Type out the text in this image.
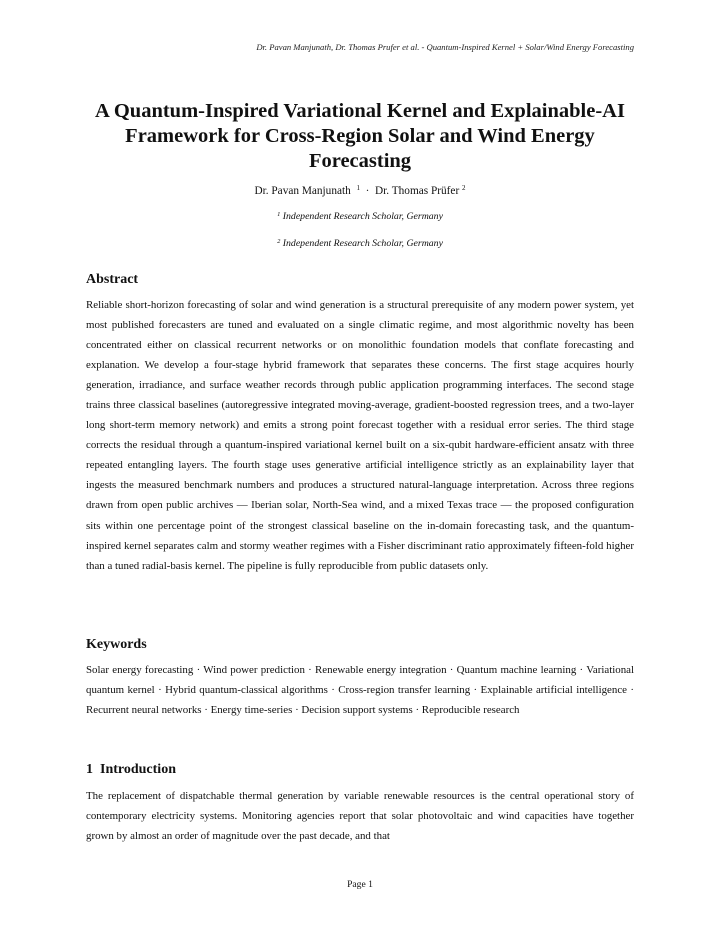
Dr. Pavan Manjunath, Dr. Thomas Prufer et al. - Quantum-Inspired Kernel + Solar/Wind Energy Forecasting
A Quantum-Inspired Variational Kernel and Explainable-AI
Framework for Cross-Region Solar and Wind Energy
Forecasting
Dr. Pavan Manjunath $^1$ · Dr. Thomas Prüfer $^2$
$^1$ Independent Research Scholar, Germany
$^2$ Independent Research Scholar, Germany
Abstract

Reliable short-horizon forecasting of solar and wind generation is a structural prerequisite of any modern power system, yet most published forecasters are tuned and evaluated on a single climatic regime, and most algorithmic novelty has been concentrated either on classical recurrent networks or on monolithic foundation models that conflate forecasting and explanation. We develop a four-stage hybrid framework that separates these concerns. The first stage acquires hourly generation, irradiance, and surface weather records through public application programming interfaces. The second stage trains three classical baselines (autoregressive integrated moving-average, gradient-boosted regression trees, and a two-layer long short-term memory network) and emits a strong point forecast together with a residual error series. The third stage corrects the residual through a quantum-inspired variational kernel built on a six-qubit hardware-efficient ansatz with three repeated entangling layers. The fourth stage uses generative artificial intelligence strictly as an explainability layer that ingests the measured benchmark numbers and produces a structured natural-language interpretation. Across three regions drawn from open public archives — Iberian solar, North-Sea wind, and a mixed Texas trace — the proposed configuration sits within one percentage point of the strongest classical baseline on the in-domain forecasting task, and the quantum-inspired kernel separates calm and stormy weather regimes with a Fisher discriminant ratio approximately fifteen-fold higher than a tuned radial-basis kernel. The pipeline is fully reproducible from public datasets only.

Keywords

Solar energy forecasting · Wind power prediction · Renewable energy integration · Quantum machine learning · Variational quantum kernel · Hybrid quantum-classical algorithms · Cross-region transfer learning · Explainable artificial intelligence · Recurrent neural networks · Energy time-series · Decision support systems · Reproducible research

1  Introduction

The replacement of dispatchable thermal generation by variable renewable resources is the central operational story of contemporary electricity systems. Monitoring agencies report that solar photovoltaic and wind capacities have together grown by almost an order of magnitude over the past decade, and that

Page 1
